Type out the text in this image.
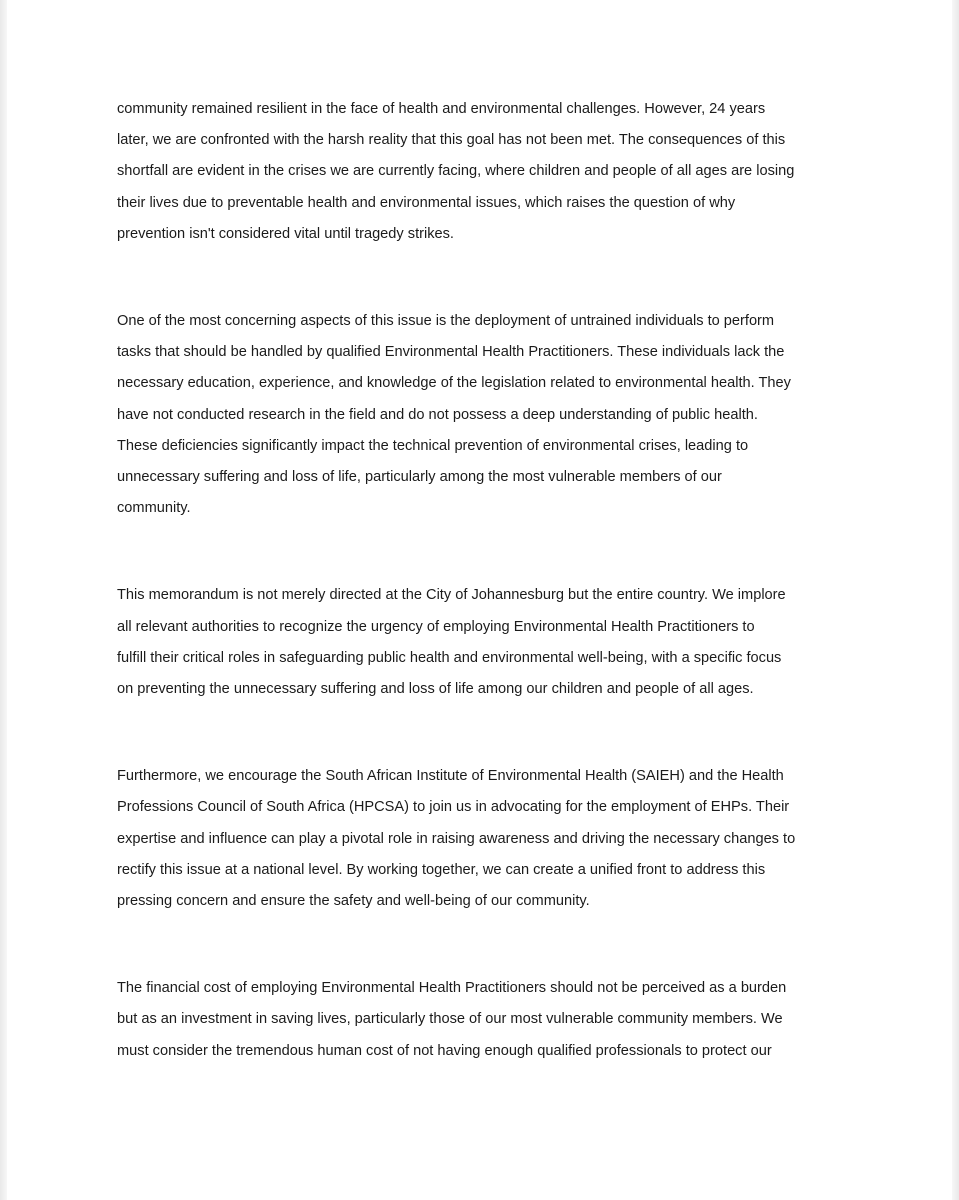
community remained resilient in the face of health and environmental challenges. However, 24 years
later, we are confronted with the harsh reality that this goal has not been met. The consequences of this
shortfall are evident in the crises we are currently facing, where children and people of all ages are losing
their lives due to preventable health and environmental issues, which raises the question of why
prevention isn't considered vital until tragedy strikes.

One of the most concerning aspects of this issue is the deployment of untrained individuals to perform
tasks that should be handled by qualified Environmental Health Practitioners. These individuals lack the
necessary education, experience, and knowledge of the legislation related to environmental health. They
have not conducted research in the field and do not possess a deep understanding of public health.
These deficiencies significantly impact the technical prevention of environmental crises, leading to
unnecessary suffering and loss of life, particularly among the most vulnerable members of our
community.

This memorandum is not merely directed at the City of Johannesburg but the entire country. We implore
all relevant authorities to recognize the urgency of employing Environmental Health Practitioners to
fulfill their critical roles in safeguarding public health and environmental well-being, with a specific focus
on preventing the unnecessary suffering and loss of life among our children and people of all ages.

Furthermore, we encourage the South African Institute of Environmental Health (SAIEH) and the Health
Professions Council of South Africa (HPCSA) to join us in advocating for the employment of EHPs. Their
expertise and influence can play a pivotal role in raising awareness and driving the necessary changes to
rectify this issue at a national level. By working together, we can create a unified front to address this
pressing concern and ensure the safety and well-being of our community.

The financial cost of employing Environmental Health Practitioners should not be perceived as a burden
but as an investment in saving lives, particularly those of our most vulnerable community members. We
must consider the tremendous human cost of not having enough qualified professionals to protect our
